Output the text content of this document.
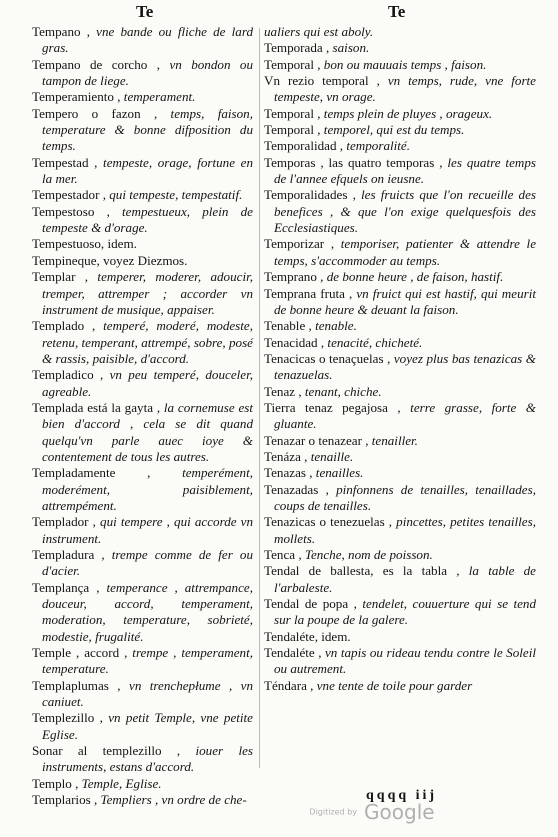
Te	Te

Tempano , vne bande ou fliche de lard gras.

Tempano de corcho , vn bondon ou tampon de liege.

Temperamiento , temperament.

Tempero o fazon , temps, faison, temperature & bonne difposition du temps.

Tempestad , tempeste, orage, fortune en la mer.

Tempestador , qui tempeste, tempestatif.

Tempestoso , tempestueux, plein de tempeste & d'orage.

Tempestuoso, idem.

Tempineque, voyez Diezmos.

Templar , temperer, moderer, adoucir, tremper, attremper ; accorder vn instrument de musique, appaiser.

Templado , temperé, moderé, modeste, retenu, temperant, attrempé, sobre, posé & rassis, paisible, d'accord.

Templadico , vn peu temperé, douceler, agreable.

Templada está la gayta , la cornemuse est bien d'accord , cela se dit quand quelqu'vn parle auec ioye & contentement de tous les autres.

Templadamente , temperément, moderément, paisiblement, attrempément.

Templador , qui tempere , qui accorde vn instrument.

Templadura , trempe comme de fer ou d'acier.

Templança , temperance , attrempance, douceur, accord, temperament, moderation, temperature, sobrieté, modestie, frugalité.

Temple , accord , trempe , temperament, temperature.

Templaplumas , vn trenchepłume , vn caniuet.

Templezillo , vn petit Temple, vne petite Eglise.

Sonar al templezillo , iouer les instruments, estans d'accord.

Templo , Temple, Eglise.

Templarios , Templiers , vn ordre de che-

ualiers qui est aboly.

Temporada , saison.

Temporal , bon ou mauuais temps , faison.

Vn rezio temporal , vn temps, rude, vne forte tempeste, vn orage.

Temporal , temps plein de pluyes , orageux.

Temporal , temporel, qui est du temps.

Temporalidad , temporalité.

Temporas , las quatro temporas , les quatre temps de l'annee efquels on ieusne.

Temporalidades , les fruicts que l'on recueille des benefices , & que l'on exige quelquesfois des Ecclesiastiques.

Temporizar , temporiser, patienter & attendre le temps, s'accommoder au temps.

Temprano , de bonne heure , de faison, hastif.

Temprana fruta , vn fruict qui est hastif, qui meurit de bonne heure & deuant la faison.

Tenable , tenable.

Tenacidad , tenacité, chicheté.

Tenacicas o tenaçuelas , voyez plus bas tenazicas & tenazuelas.

Tenaz , tenant, chiche.

Tierra tenaz pegajosa , terre grasse, forte & gluante.

Tenazar o tenazear , tenailler.

Tenáza , tenaille.

Tenazas , tenailles.

Tenazadas , pinfonnens de tenailles, tenaillades, coups de tenailles.

Tenazicas o tenezuelas , pincettes, petites tenailles, mollets.

Tenca , Tenche, nom de poisson.

Tendal de ballesta, es la tabla , la table de l'arbaleste.

Tendal de popa , tendelet, couuerture qui se tend sur la poupe de la galere.

Tendaléte, idem.

Tendaléte , vn tapis ou rideau tendu contre le Soleil ou autrement.

Téndara , vne tente de toile pour garder

qqqq iij
Digitized by Google
